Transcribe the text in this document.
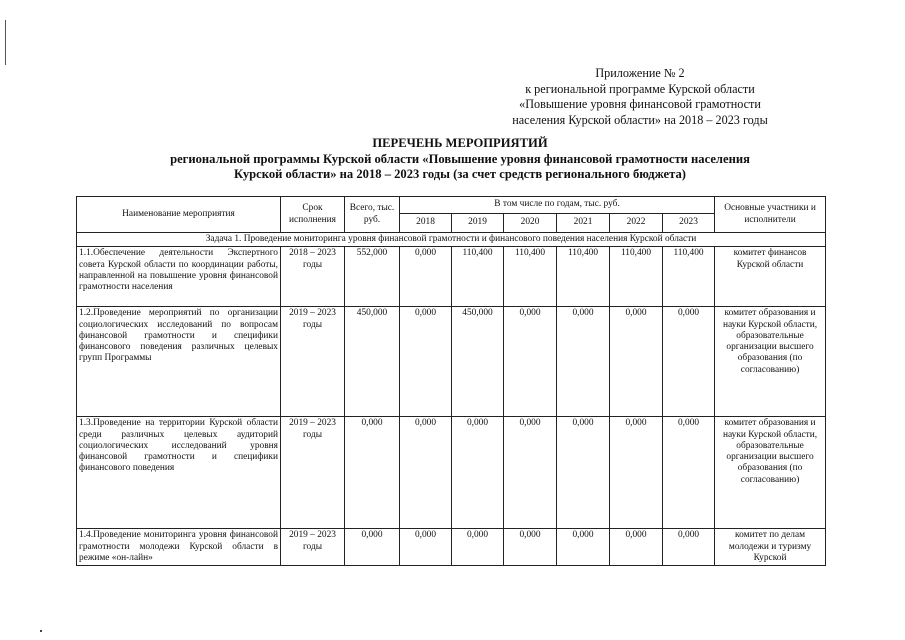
Приложение № 2
к региональной программе Курской области
«Повышение уровня финансовой грамотности
населения Курской области» на 2018 – 2023 годы
ПЕРЕЧЕНЬ МЕРОПРИЯТИЙ
региональной программы Курской области «Повышение уровня финансовой грамотности населения
Курской области» на 2018 – 2023 годы (за счет средств регионального бюджета)
Наименование мероприятия	Срок исполнения	Всего, тыс. руб.	В том числе по годам, тыс. руб.						Основные участники и исполнители
			2018	2019	2020	2021	2022	2023	
Задача 1. Проведение мониторинга уровня финансовой грамотности и финансового поведения населения Курской области									
1.1.Обеспечение деятельности Экспертного совета Курской области по координации работы, направленной на повышение уровня финансовой грамотности населения	2018 – 2023 годы	552,000	0,000	110,400	110,400	110,400	110,400	110,400	комитет финансов Курской области
1.2.Проведение мероприятий по организации социологических исследований по вопросам финансовой грамотности и специфики финансового поведения различных целевых групп Программы	2019 – 2023 годы	450,000	0,000	450,000	0,000	0,000	0,000	0,000	комитет образования и науки Курской области, образовательные организации высшего образования (по согласованию)
1.3.Проведение на территории Курской области среди различных целевых аудиторий социологических исследований уровня финансовой грамотности и специфики финансового поведения	2019 – 2023 годы	0,000	0,000	0,000	0,000	0,000	0,000	0,000	комитет образования и науки Курской области, образовательные организации высшего образования (по согласованию)
1.4.Проведение мониторинга уровня финансовой грамотности молодежи Курской области в режиме «он-лайн»	2019 – 2023 годы	0,000	0,000	0,000	0,000	0,000	0,000	0,000	комитет по делам молодежи и туризму Курской
